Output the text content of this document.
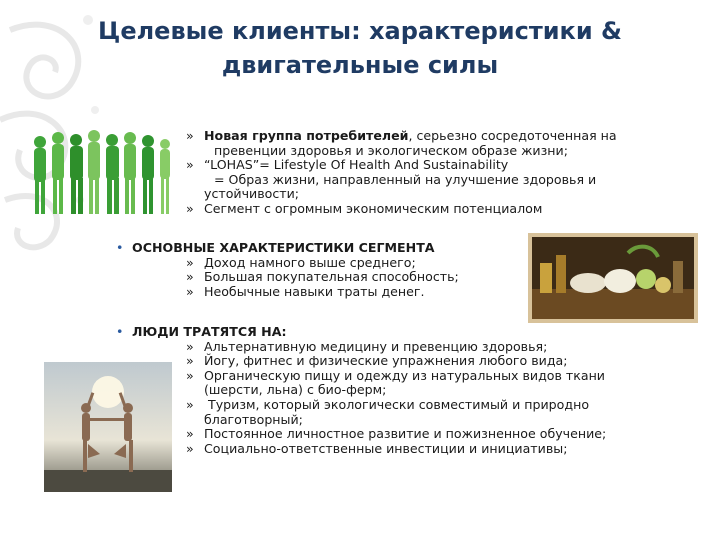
Целевые клиенты: характеристики &
двигательные силы
» Новая группа потребителей, серьезно сосредоточенная на
превенции здоровья и экологическом образе жизни;
» “LOHAS”= Lifestyle Of Health And Sustainability
= Образ жизни, направленный на улучшение здоровья и
устойчивости;
» Сегмент с огромным экономическим потенциалом
• ОСНОВНЫЕ ХАРАКТЕРИСТИКИ СЕГМЕНТА
» Доход намного выше среднего;
» Большая покупательная способность;
» Необычные навыки траты денег.
• ЛЮДИ ТРАТЯТСЯ НА:
» Альтернативную медицину и превенцию здоровья;
» Йогу, фитнес и физические упражнения любого вида;
» Органическую пищу и одежду из натуральных видов ткани
(шерсти, льна) с био-ферм;
» Туризм, который экологически совместимый и природно
благотворный;
» Постоянное личностное развитие и пожизненное обучение;
» Социально-ответственные инвестиции и инициативы;
